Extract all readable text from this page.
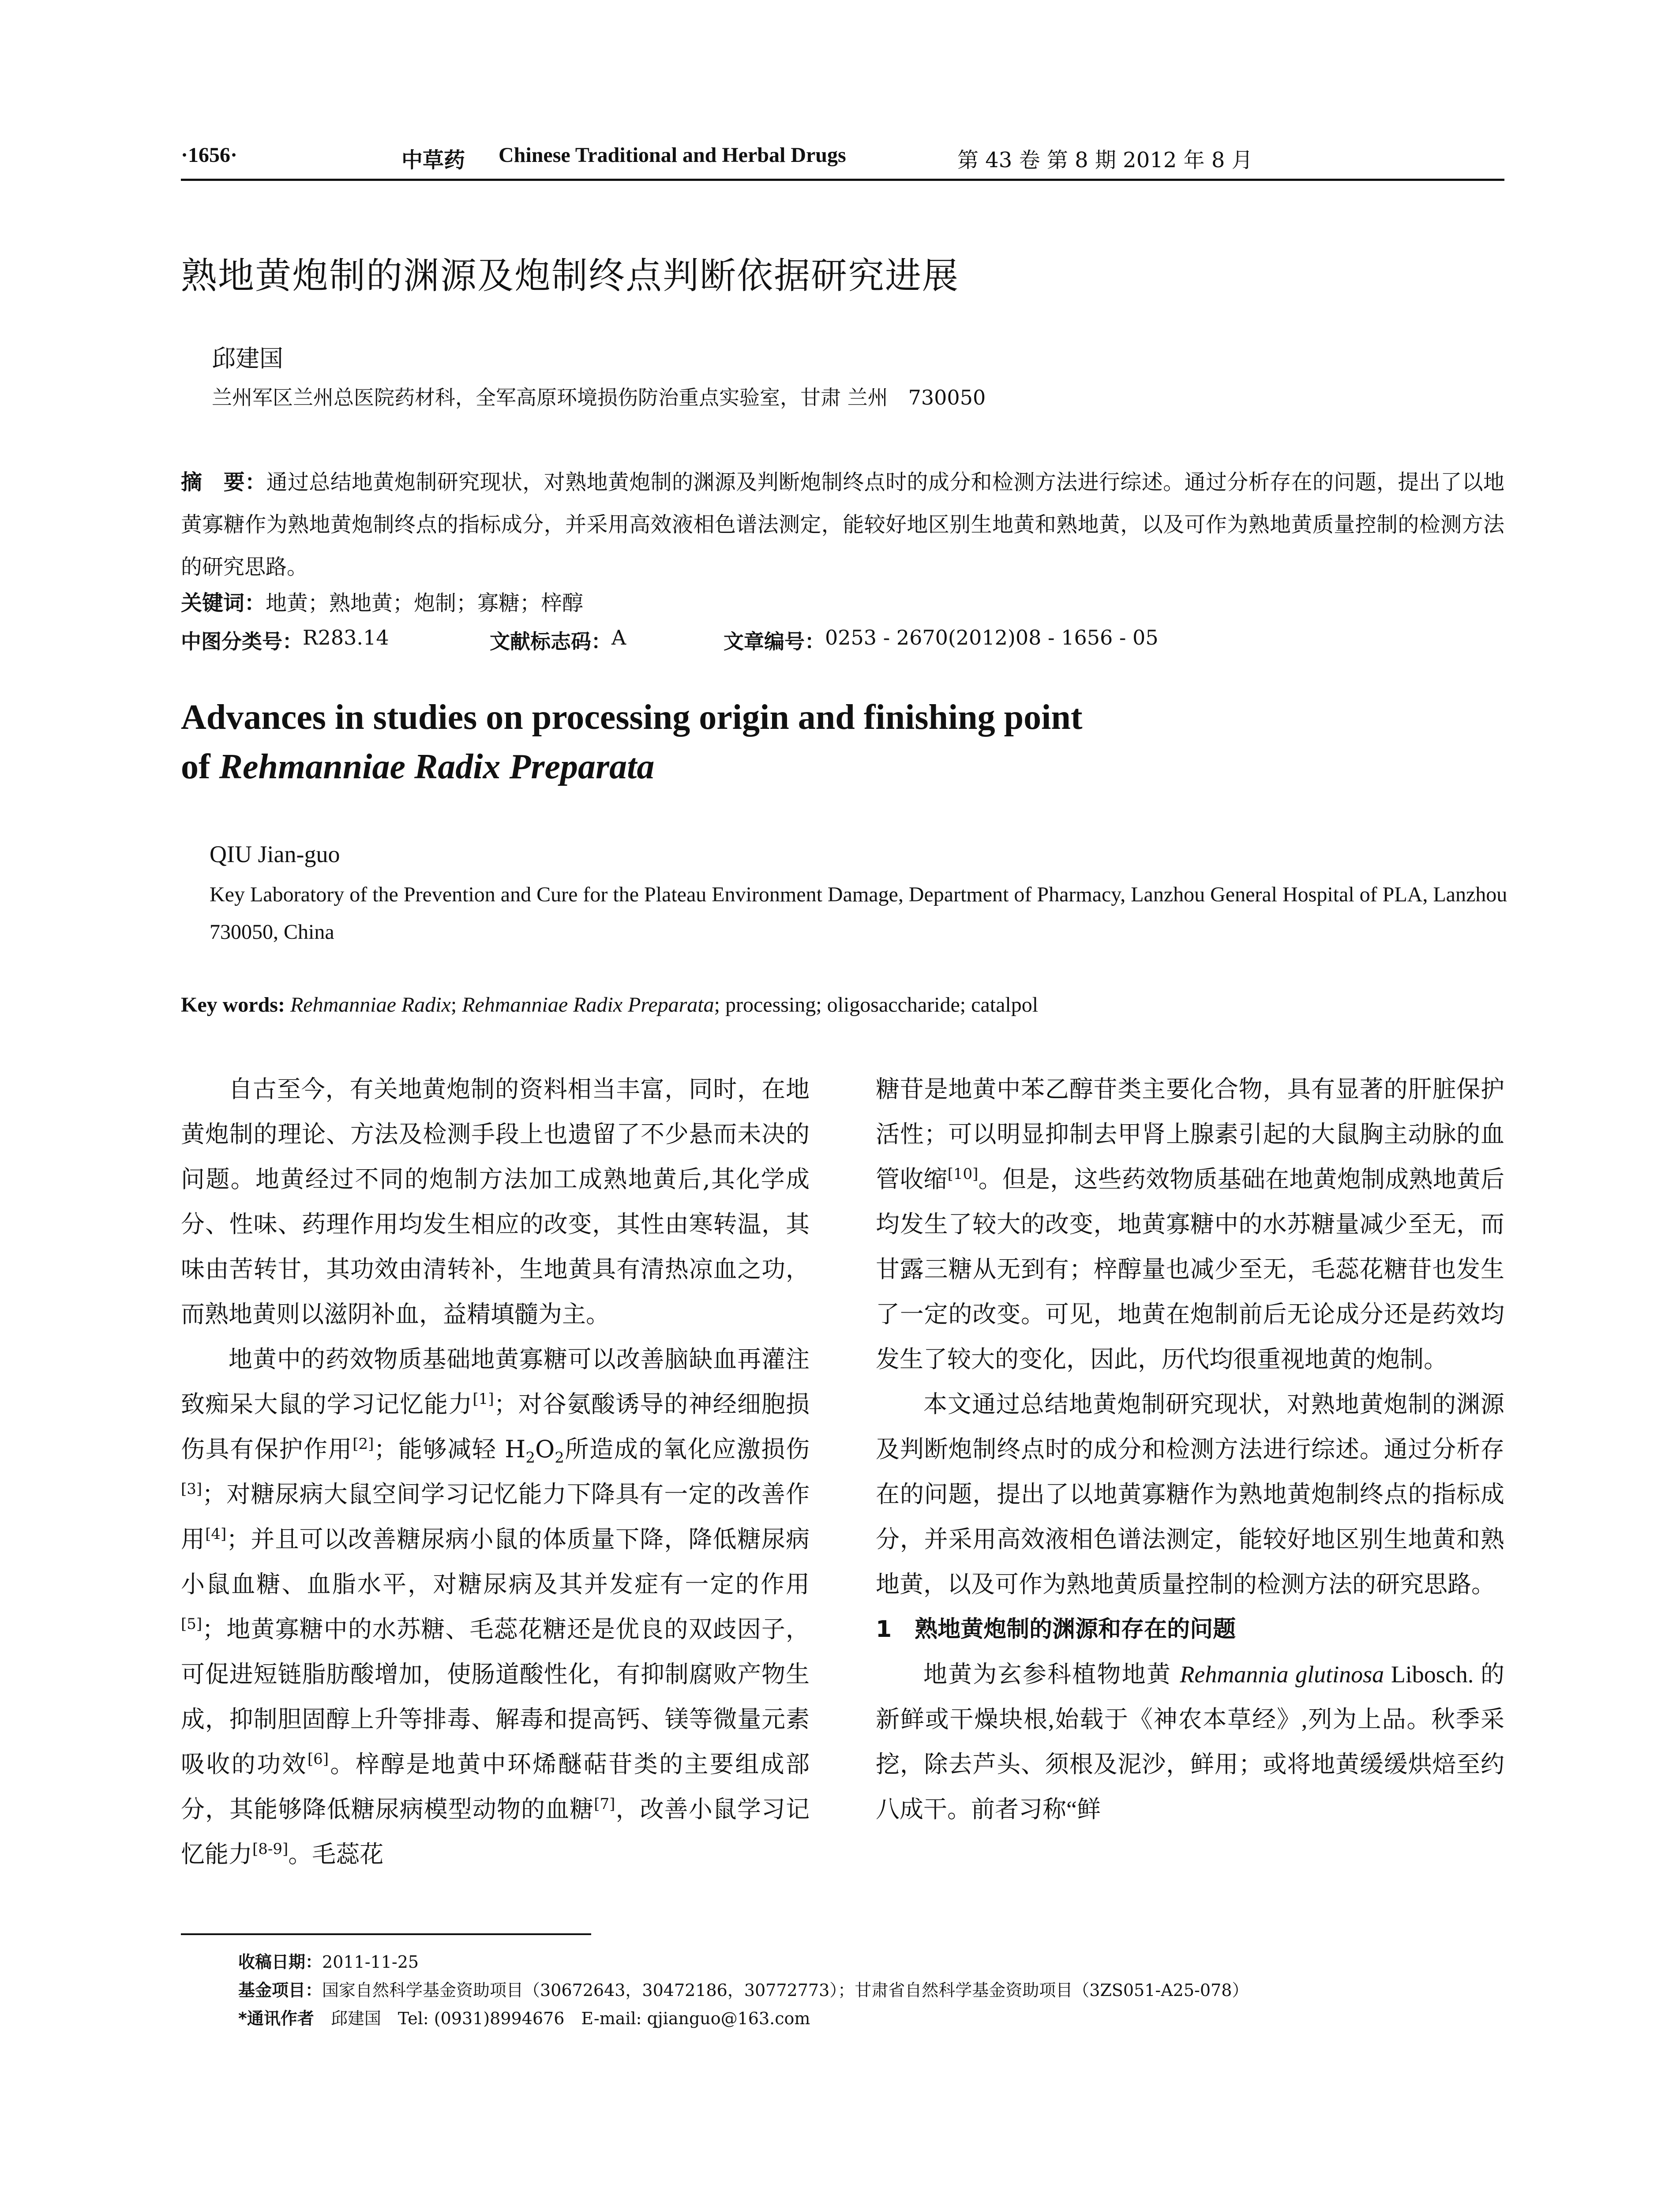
·1656·	中草药 Chinese Traditional and Herbal Drugs	第 43 卷 第 8 期 2012 年 8 月
熟地黄炮制的渊源及炮制终点判断依据研究进展
邱建国
兰州军区兰州总医院药材科，全军高原环境损伤防治重点实验室，甘肃 兰州　730050
摘　要：通过总结地黄炮制研究现状，对熟地黄炮制的渊源及判断炮制终点时的成分和检测方法进行综述。通过分析存在的问题，提出了以地黄寡糖作为熟地黄炮制终点的指标成分，并采用高效液相色谱法测定，能较好地区别生地黄和熟地黄，以及可作为熟地黄质量控制的检测方法的研究思路。
关键词：地黄；熟地黄；炮制；寡糖；梓醇
中图分类号： R283.14	文献标志码： A	文章编号： 0253 - 2670(2012)08 - 1656 - 05
Advances in studies on processing origin and finishing point
of Rehmanniae Radix Preparata
QIU Jian-guo
Key Laboratory of the Prevention and Cure for the Plateau Environment Damage, Department of Pharmacy, Lanzhou General Hospital of PLA, Lanzhou 730050, China
Key words: Rehmanniae Radix; Rehmanniae Radix Preparata; processing; oligosaccharide; catalpol

自古至今，有关地黄炮制的资料相当丰富，同时，在地黄炮制的理论、方法及检测手段上也遗留了不少悬而未决的问题。地黄经过不同的炮制方法加工成熟地黄后,其化学成分、性味、药理作用均发生相应的改变，其性由寒转温，其味由苦转甘，其功效由清转补，生地黄具有清热凉血之功，而熟地黄则以滋阴补血，益精填髓为主。

地黄中的药效物质基础地黄寡糖可以改善脑缺血再灌注致痴呆大鼠的学习记忆能力[1]；对谷氨酸诱导的神经细胞损伤具有保护作用[2]；能够减轻 $H_2O_2$所造成的氧化应激损伤[3]；对糖尿病大鼠空间学习记忆能力下降具有一定的改善作用[4]；并且可以改善糖尿病小鼠的体质量下降，降低糖尿病小鼠血糖、血脂水平，对糖尿病及其并发症有一定的作用[5]；地黄寡糖中的水苏糖、毛蕊花糖还是优良的双歧因子，可促进短链脂肪酸增加，使肠道酸性化，有抑制腐败产物生成，抑制胆固醇上升等排毒、解毒和提高钙、镁等微量元素吸收的功效[6]。梓醇是地黄中环烯醚萜苷类的主要组成部分，其能够降低糖尿病模型动物的血糖[7]，改善小鼠学习记忆能力[8-9]。毛蕊花

糖苷是地黄中苯乙醇苷类主要化合物，具有显著的肝脏保护活性；可以明显抑制去甲肾上腺素引起的大鼠胸主动脉的血管收缩[10]。但是，这些药效物质基础在地黄炮制成熟地黄后均发生了较大的改变，地黄寡糖中的水苏糖量减少至无，而甘露三糖从无到有；梓醇量也减少至无，毛蕊花糖苷也发生了一定的改变。可见，地黄在炮制前后无论成分还是药效均发生了较大的变化，因此，历代均很重视地黄的炮制。

本文通过总结地黄炮制研究现状，对熟地黄炮制的渊源及判断炮制终点时的成分和检测方法进行综述。通过分析存在的问题，提出了以地黄寡糖作为熟地黄炮制终点的指标成分，并采用高效液相色谱法测定，能较好地区别生地黄和熟地黄，以及可作为熟地黄质量控制的检测方法的研究思路。

1　熟地黄炮制的渊源和存在的问题

地黄为玄参科植物地黄 Rehmannia glutinosa Libosch. 的新鲜或干燥块根,始载于《神农本草经》,列为上品。秋季采挖，除去芦头、须根及泥沙，鲜用；或将地黄缓缓烘焙至约八成干。前者习称“鲜

收稿日期：2011-11-25
基金项目：国家自然科学基金资助项目（30672643，30472186，30772773）；甘肃省自然科学基金资助项目（3ZS051-A25-078）
*通讯作者　 邱建国　Tel: (0931)8994676　E-mail: qjianguo@163.com
